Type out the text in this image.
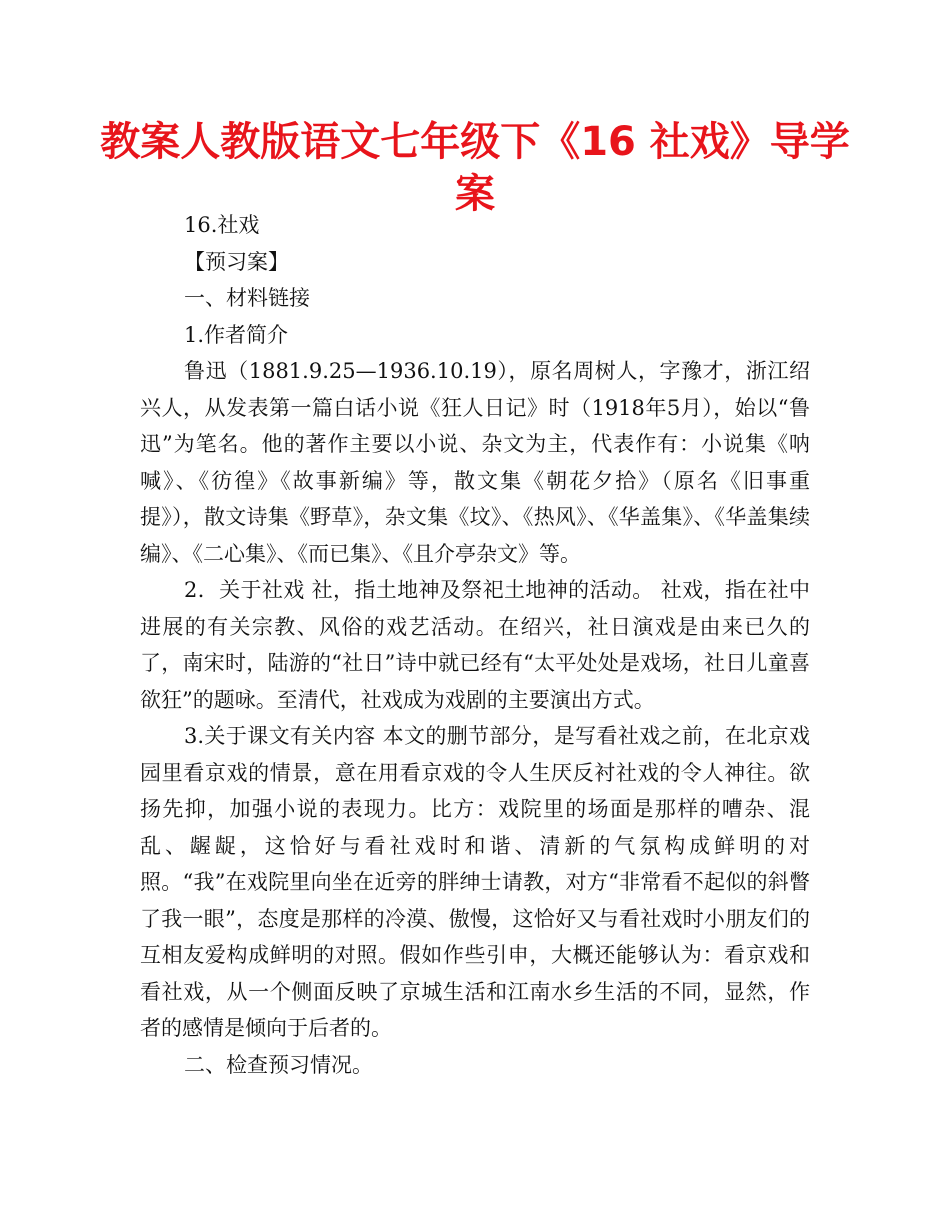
教案人教版语文七年级下《16 社戏》导学案

16.社戏

【预习案】

一、材料链接

1.作者简介

鲁迅（1881.9.25—1936.10.19），原名周树人，字豫才，浙江绍兴人，从发表第一篇白话小说《狂人日记》时（1918年5月），始以“鲁迅”为笔名。他的著作主要以小说、杂文为主，代表作有：小说集《呐喊》、《彷徨》《故事新编》等，散文集《朝花夕拾》（原名《旧事重提》），散文诗集《野草》，杂文集《坟》、《热风》、《华盖集》、《华盖集续编》、《二心集》、《而已集》、《且介亭杂文》等。

2．关于社戏 社，指土地神及祭祀土地神的活动。 社戏，指在社中进展的有关宗教、风俗的戏艺活动。在绍兴，社日演戏是由来已久的了，南宋时，陆游的“社日”诗中就已经有“太平处处是戏场，社日儿童喜欲狂”的题咏。至清代，社戏成为戏剧的主要演出方式。

3.关于课文有关内容 本文的删节部分，是写看社戏之前，在北京戏园里看京戏的情景，意在用看京戏的令人生厌反衬社戏的令人神往。欲扬先抑，加强小说的表现力。比方：戏院里的场面是那样的嘈杂、混乱、龌龊，这恰好与看社戏时和谐、清新的气氛构成鲜明的对照。“我”在戏院里向坐在近旁的胖绅士请教，对方“非常看不起似的斜瞥了我一眼”，态度是那样的冷漠、傲慢，这恰好又与看社戏时小朋友们的互相友爱构成鲜明的对照。假如作些引申，大概还能够认为：看京戏和看社戏，从一个侧面反映了京城生活和江南水乡生活的不同，显然，作者的感情是倾向于后者的。

二、检查预习情况。
